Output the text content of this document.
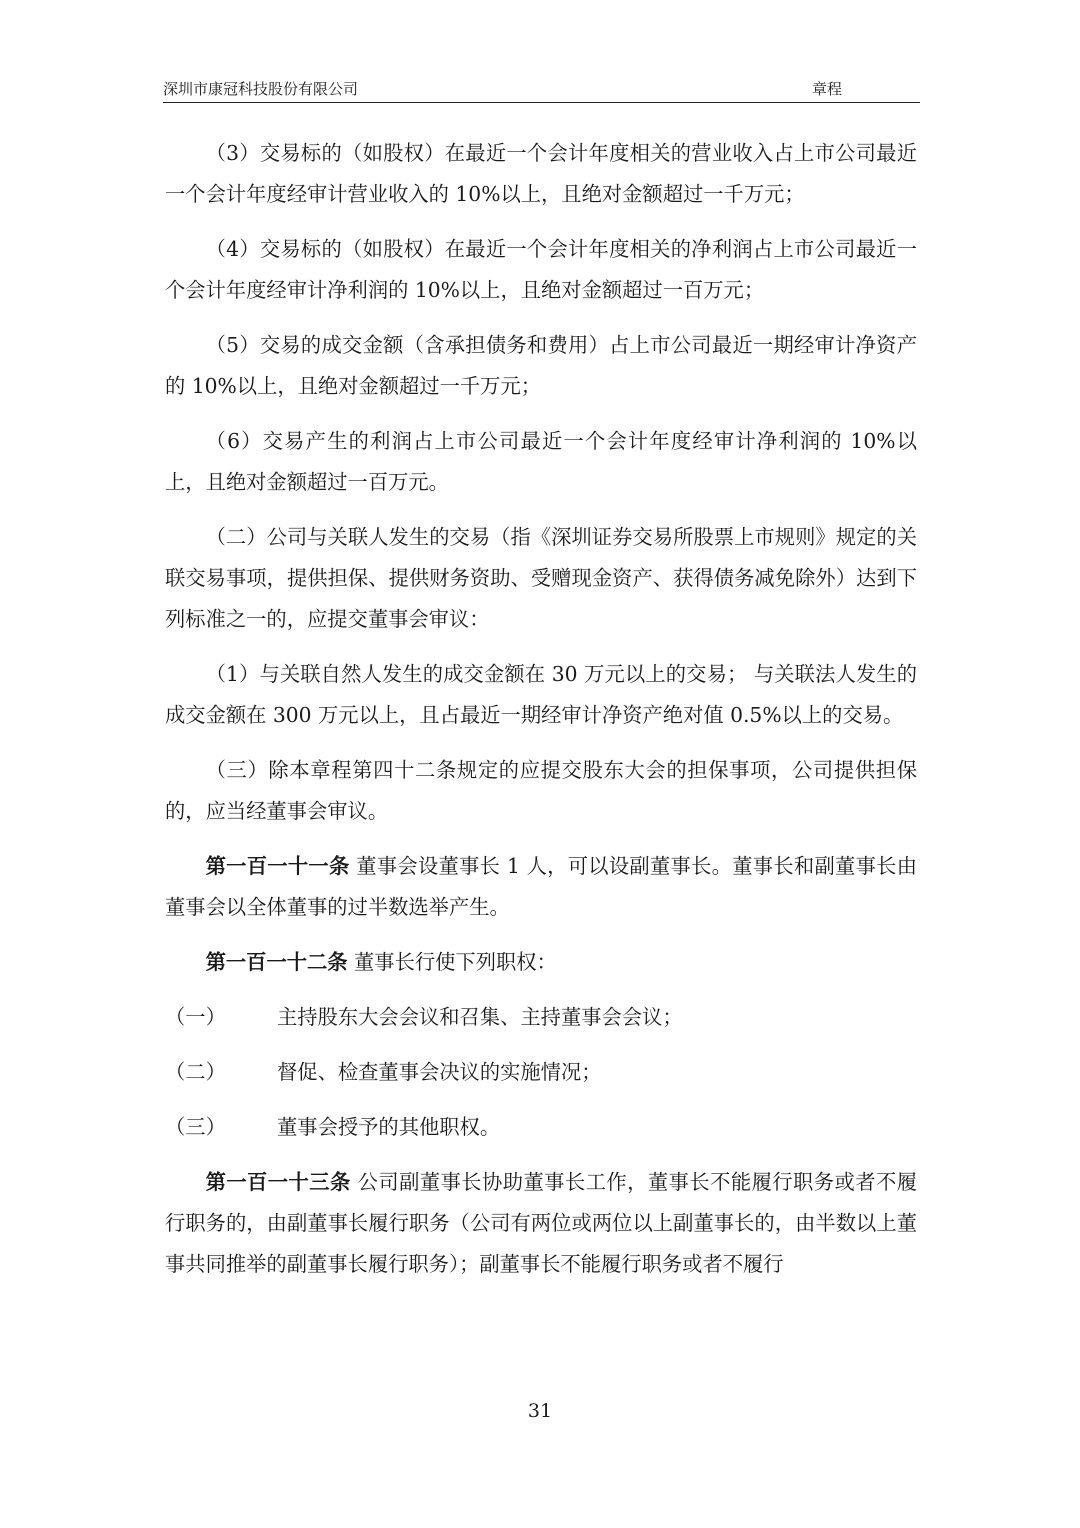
深圳市康冠科技股份有限公司	章程

（3）交易标的（如股权）在最近一个会计年度相关的营业收入占上市公司最近一个会计年度经审计营业收入的 10%以上，且绝对金额超过一千万元；

（4）交易标的（如股权）在最近一个会计年度相关的净利润占上市公司最近一个会计年度经审计净利润的 10%以上，且绝对金额超过一百万元；

（5）交易的成交金额（含承担债务和费用）占上市公司最近一期经审计净资产的 10%以上，且绝对金额超过一千万元；

（6）交易产生的利润占上市公司最近一个会计年度经审计净利润的 10%以上，且绝对金额超过一百万元。

（二）公司与关联人发生的交易（指《深圳证券交易所股票上市规则》规定的关联交易事项，提供担保、提供财务资助、受赠现金资产、获得债务减免除外）达到下列标准之一的，应提交董事会审议：

（1）与关联自然人发生的成交金额在 30 万元以上的交易； 与关联法人发生的成交金额在 300 万元以上，且占最近一期经审计净资产绝对值 0.5%以上的交易。

（三）除本章程第四十二条规定的应提交股东大会的担保事项，公司提供担保的，应当经董事会审议。

第一百一十一条 董事会设董事长 1 人，可以设副董事长。董事长和副董事长由董事会以全体董事的过半数选举产生。

第一百一十二条 董事长行使下列职权：

（一）	主持股东大会会议和召集、主持董事会会议；
（二）	督促、检查董事会决议的实施情况；
（三）	董事会授予的其他职权。

第一百一十三条 公司副董事长协助董事长工作，董事长不能履行职务或者不履行职务的，由副董事长履行职务（公司有两位或两位以上副董事长的，由半数以上董事共同推举的副董事长履行职务）；副董事长不能履行职务或者不履行

31
